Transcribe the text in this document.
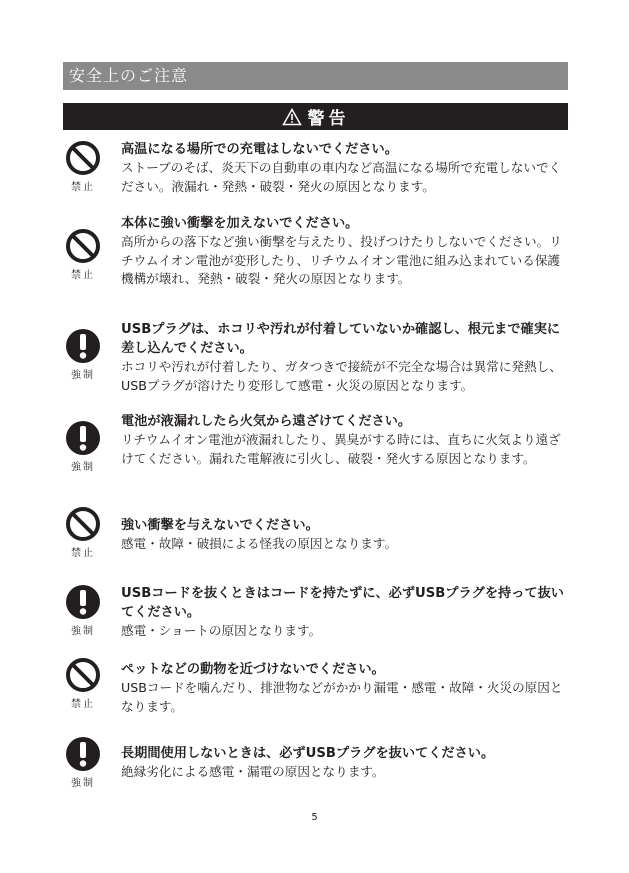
安全上のご注意
警告
禁止
高温になる場所での充電はしないでください。
ストーブのそば、炎天下の自動車の車内など高温になる場所で充電しないでください。液漏れ・発熱・破裂・発火の原因となります。
禁止
本体に強い衝撃を加えないでください。
高所からの落下など強い衝撃を与えたり、投げつけたりしないでください。リチウムイオン電池が変形したり、リチウムイオン電池に組み込まれている保護機構が壊れ、発熱・破裂・発火の原因となります。
強制
USBプラグは、ホコリや汚れが付着していないか確認し、根元まで確実に差し込んでください。
ホコリや汚れが付着したり、ガタつきで接続が不完全な場合は異常に発熱し、USBプラグが溶けたり変形して感電・火災の原因となります。
強制
電池が液漏れしたら火気から遠ざけてください。
リチウムイオン電池が液漏れしたり、異臭がする時には、直ちに火気より遠ざけてください。漏れた電解液に引火し、破裂・発火する原因となります。
禁止
強い衝撃を与えないでください。
感電・故障・破損による怪我の原因となります。
強制
USBコードを抜くときはコードを持たずに、必ずUSBプラグを持って抜いてください。
感電・ショートの原因となります。
禁止
ペットなどの動物を近づけないでください。
USBコードを噛んだり、排泄物などがかかり漏電・感電・故障・火災の原因となります。
強制
長期間使用しないときは、必ずUSBプラグを抜いてください。
絶縁劣化による感電・漏電の原因となります。
5
